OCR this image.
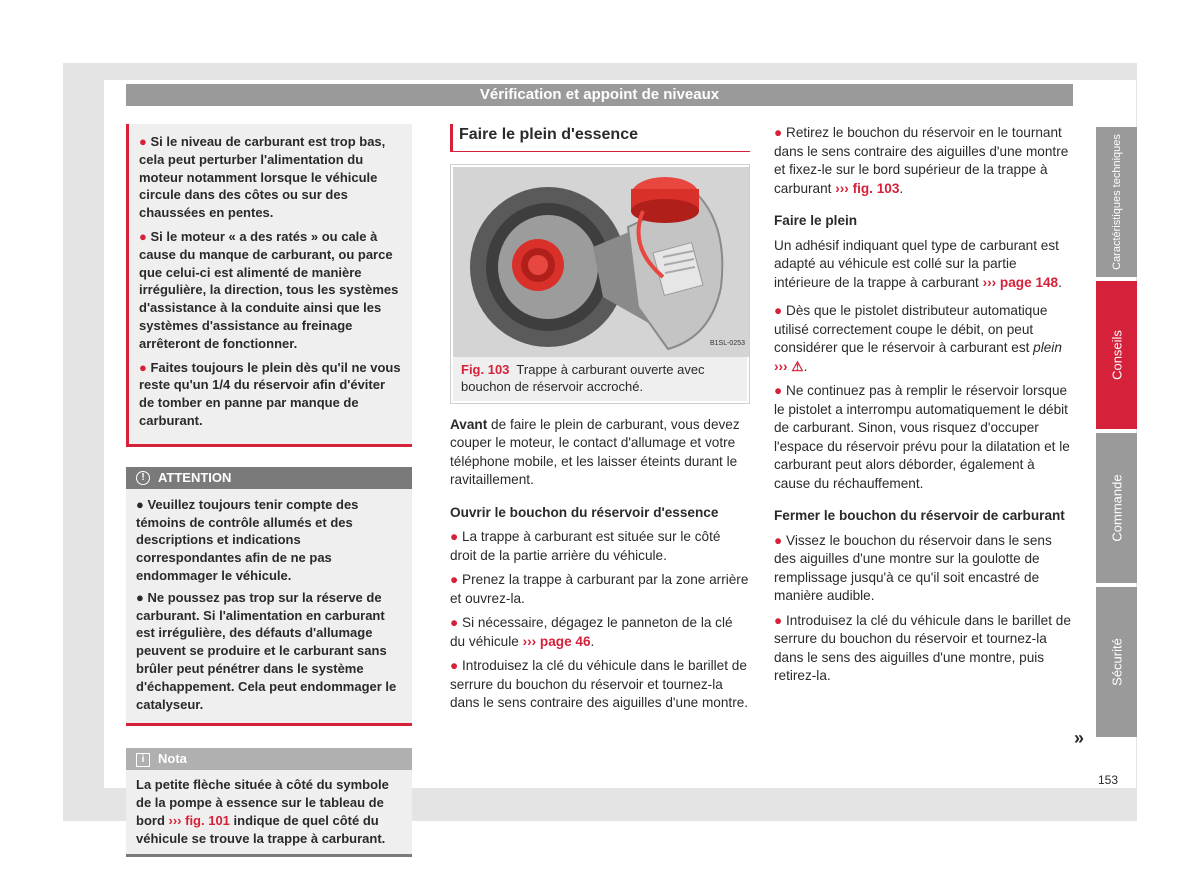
Vérification et appoint de niveaux

● Si le niveau de carburant est trop bas, cela peut perturber l'alimentation du moteur notamment lorsque le véhicule circule dans des côtes ou sur des chaussées en pentes.

● Si le moteur « a des ratés » ou cale à cause du manque de carburant, ou parce que celui-ci est alimenté de manière irrégulière, la direction, tous les systèmes d'assistance à la conduite ainsi que les systèmes d'assistance au freinage arrêteront de fonctionner.

● Faites toujours le plein dès qu'il ne vous reste qu'un 1/4 du réservoir afin d'éviter de tomber en panne par manque de carburant.

! ATTENTION

● Veuillez toujours tenir compte des témoins de contrôle allumés et des descriptions et indications correspondantes afin de ne pas endommager le véhicule.

● Ne poussez pas trop sur la réserve de carburant. Si l'alimentation en carburant est irrégulière, des défauts d'allumage peuvent se produire et le carburant sans brûler peut pénétrer dans le système d'échappement. Cela peut endommager le catalyseur.

i Nota
La petite flèche située à côté du symbole de la pompe à essence sur le tableau de bord ››› fig. 101 indique de quel côté du véhicule se trouve la trappe à carburant.
Faire le plein d'essence
B1SL-0253
Fig. 103 Trappe à carburant ouverte avec bouchon de réservoir accroché.

Avant de faire le plein de carburant, vous devez couper le moteur, le contact d'allumage et votre téléphone mobile, et les laisser éteints durant le ravitaillement.

Ouvrir le bouchon du réservoir d'essence

● La trappe à carburant est située sur le côté droit de la partie arrière du véhicule.

● Prenez la trappe à carburant par la zone arrière et ouvrez-la.

● Si nécessaire, dégagez le panneton de la clé du véhicule ››› page 46.

● Introduisez la clé du véhicule dans le barillet de serrure du bouchon du réservoir et tournez-la dans le sens contraire des aiguilles d'une montre.

● Retirez le bouchon du réservoir en le tournant dans le sens contraire des aiguilles d'une montre et fixez-le sur le bord supérieur de la trappe à carburant ››› fig. 103.

Faire le plein

Un adhésif indiquant quel type de carburant est adapté au véhicule est collé sur la partie intérieure de la trappe à carburant ››› page 148.

● Dès que le pistolet distributeur automatique utilisé correctement coupe le débit, on peut considérer que le réservoir à carburant est plein ››› ⚠.

● Ne continuez pas à remplir le réservoir lorsque le pistolet a interrompu automatiquement le débit de carburant. Sinon, vous risquez d'occuper l'espace du réservoir prévu pour la dilatation et le carburant peut alors déborder, également à cause du réchauffement.

Fermer le bouchon du réservoir de carburant

● Vissez le bouchon du réservoir dans le sens des aiguilles d'une montre sur la goulotte de remplissage jusqu'à ce qu'il soit encastré de manière audible.

● Introduisez la clé du véhicule dans le barillet de serrure du bouchon du réservoir et tournez-la dans le sens des aiguilles d'une montre, puis retirez-la.

»
Caractéristiques techniques
Conseils
Commande
Sécurité
153
